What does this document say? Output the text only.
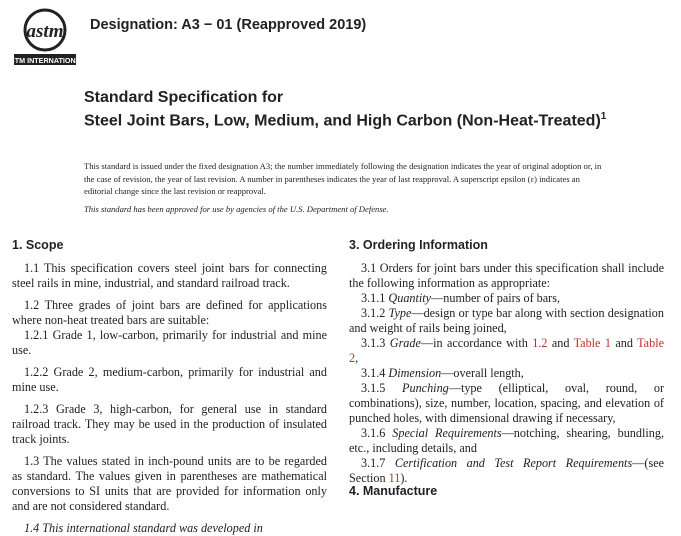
astm
ASTM INTERNATIONAL
Designation: A3 − 01 (Reapproved 2019)
Standard Specification for
Steel Joint Bars, Low, Medium, and High Carbon (Non-Heat-Treated)$^1$
This standard is issued under the fixed designation A3; the number immediately following the designation indicates the year of original adoption or, in the case of revision, the year of last revision. A number in parentheses indicates the year of last reapproval. A superscript epsilon (ε) indicates an editorial change since the last revision or reapproval.
This standard has been approved for use by agencies of the U.S. Department of Defense.
1. Scope

1.1 This specification covers steel joint bars for connecting steel rails in mine, industrial, and standard railroad track.

1.2 Three grades of joint bars are defined for applications where non-heat treated bars are suitable:

1.2.1 Grade 1, low-carbon, primarily for industrial and mine use.

1.2.2 Grade 2, medium-carbon, primarily for industrial and mine use.

1.2.3 Grade 3, high-carbon, for general use in standard railroad track. They may be used in the production of insulated track joints.

1.3 The values stated in inch-pound units are to be regarded as standard. The values given in parentheses are mathematical conversions to SI units that are provided for information only and are not considered standard.

1.4 This international standard was developed in

3. Ordering Information

3.1 Orders for joint bars under this specification shall include the following information as appropriate:

3.1.1 Quantity—number of pairs of bars,

3.1.2 Type—design or type bar along with section designation and weight of rails being joined,

3.1.3 Grade—in accordance with 1.2 and Table 1 and Table 2,

3.1.4 Dimension—overall length,

3.1.5 Punching—type (elliptical, oval, round, or combinations), size, number, location, spacing, and elevation of punched holes, with dimensional drawing if necessary,

3.1.6 Special Requirements—notching, shearing, bundling, etc., including details, and

3.1.7 Certification and Test Report Requirements—(see Section 11).

4. Manufacture
